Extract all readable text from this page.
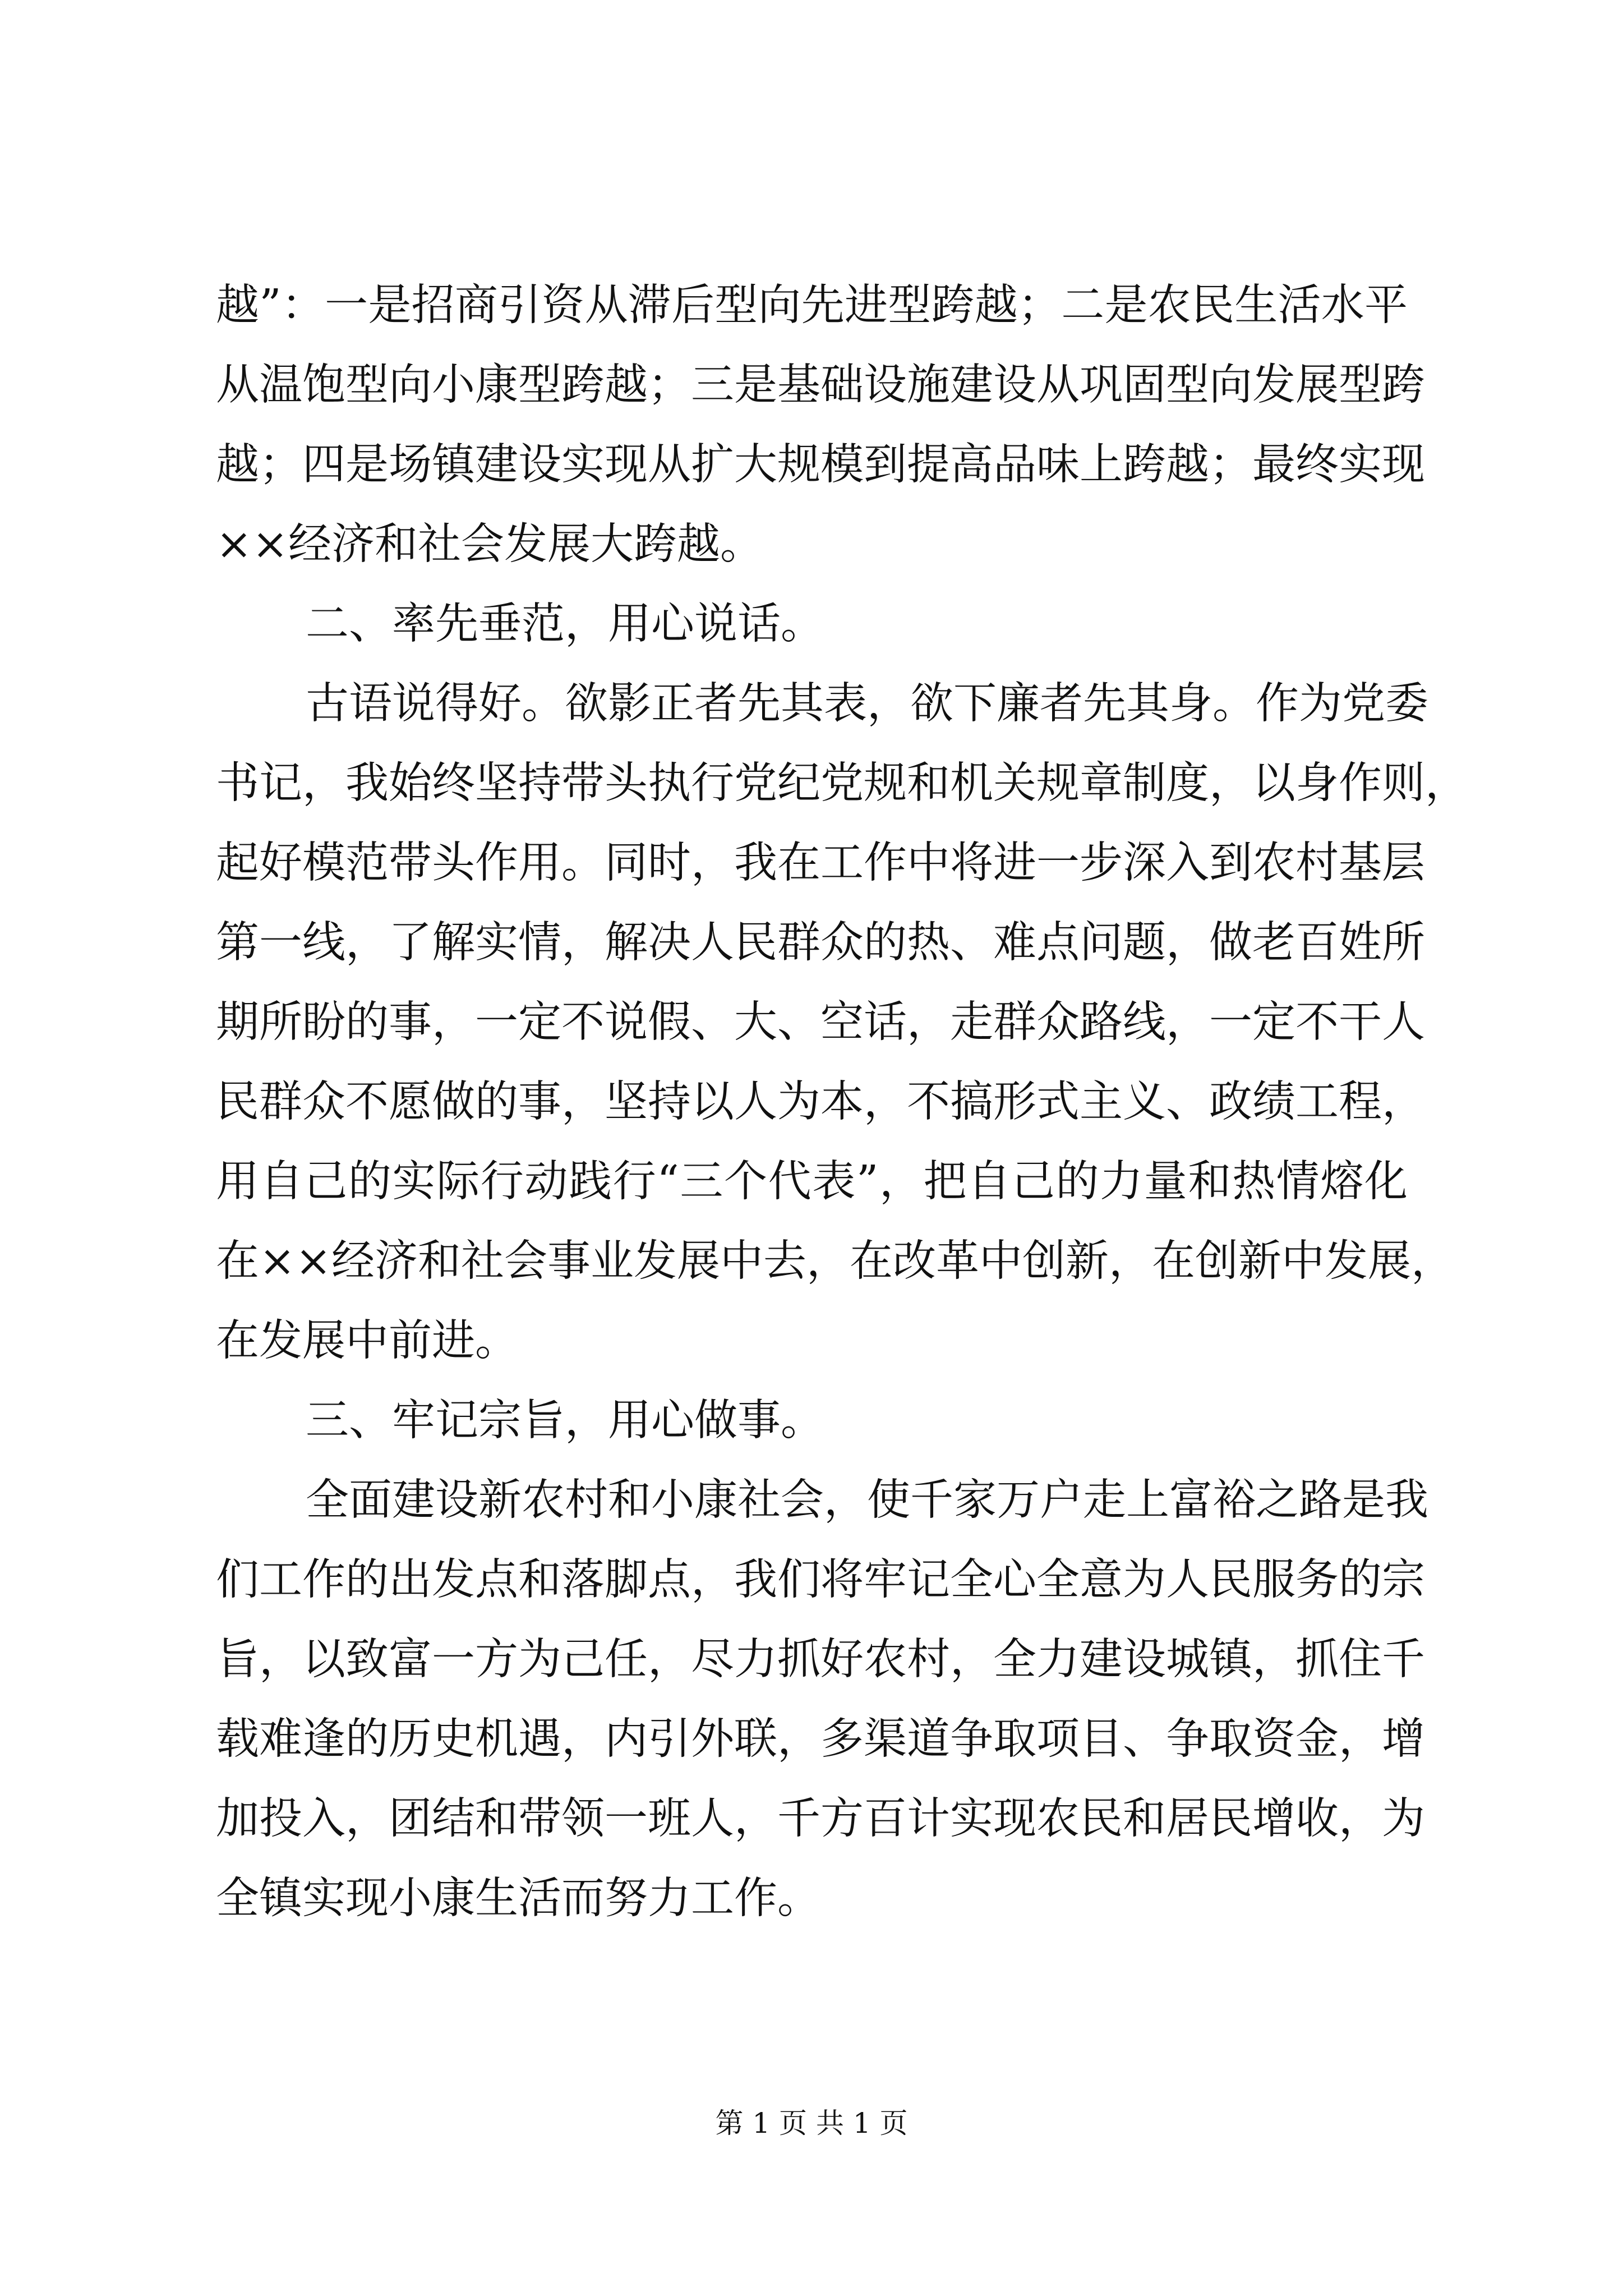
越”：一是招商引资从滞后型向先进型跨越；二是农民生活水平
从温饱型向小康型跨越；三是基础设施建设从巩固型向发展型跨
越；四是场镇建设实现从扩大规模到提高品味上跨越；最终实现
××经济和社会发展大跨越。
二、率先垂范，用心说话。
古语说得好。欲影正者先其表，欲下廉者先其身。作为党委
书记，我始终坚持带头执行党纪党规和机关规章制度，以身作则，
起好模范带头作用。同时，我在工作中将进一步深入到农村基层
第一线，了解实情，解决人民群众的热、难点问题，做老百姓所
期所盼的事，一定不说假、大、空话，走群众路线，一定不干人
民群众不愿做的事，坚持以人为本，不搞形式主义、政绩工程，
用自己的实际行动践行“三个代表”，把自己的力量和热情熔化
在××经济和社会事业发展中去，在改革中创新，在创新中发展，
在发展中前进。
三、牢记宗旨，用心做事。
全面建设新农村和小康社会，使千家万户走上富裕之路是我
们工作的出发点和落脚点，我们将牢记全心全意为人民服务的宗
旨，以致富一方为己任，尽力抓好农村，全力建设城镇，抓住千
载难逢的历史机遇，内引外联，多渠道争取项目、争取资金，增
加投入，团结和带领一班人，千方百计实现农民和居民增收，为
全镇实现小康生活而努力工作。
第 1 页 共 1 页
